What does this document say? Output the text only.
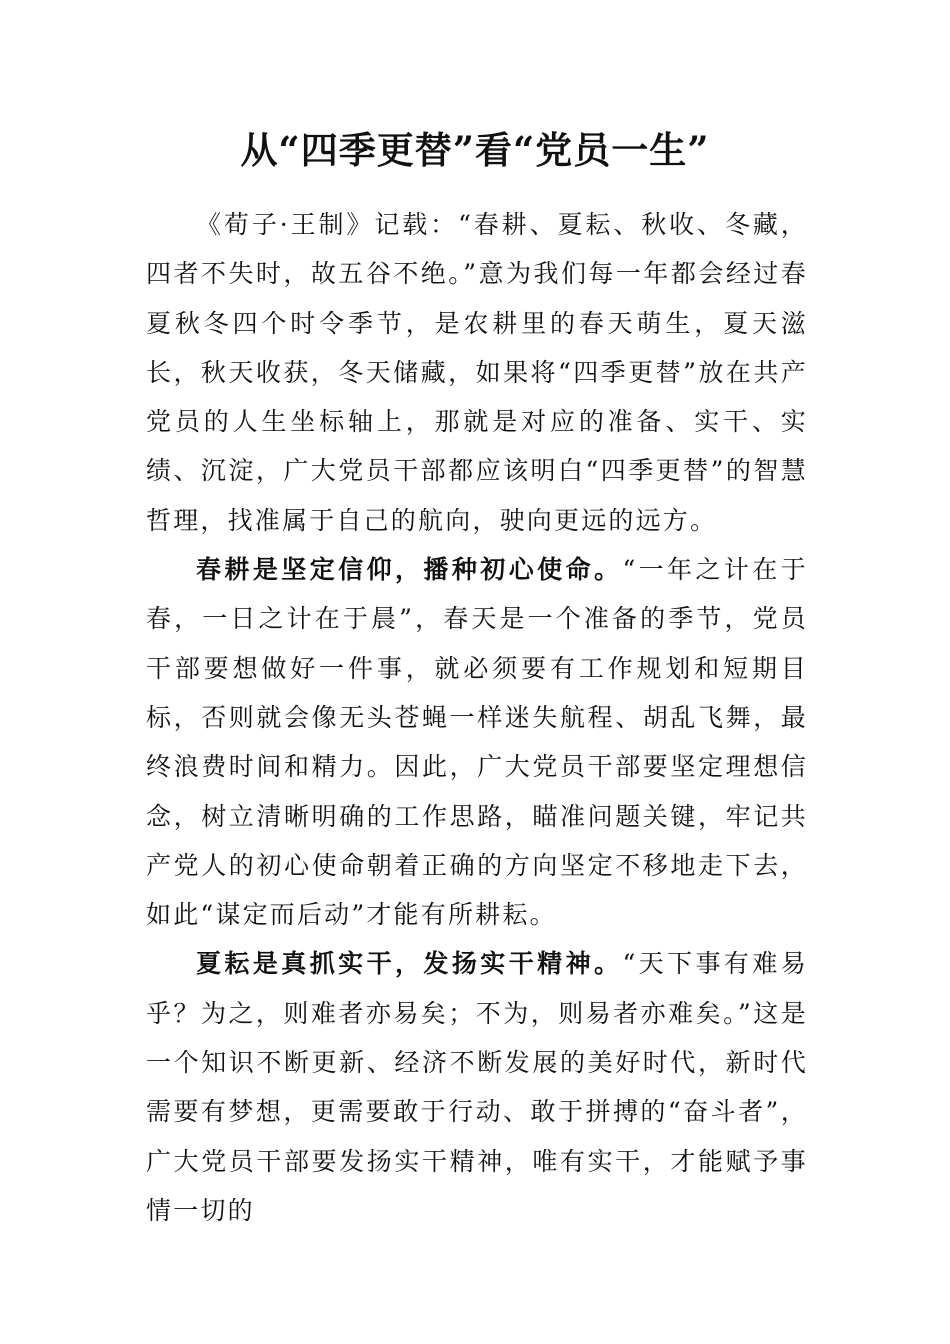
从“四季更替”看“党员一生”

《荀子·王制》记载：“春耕、夏耘、秋收、冬藏，四者不失时，故五谷不绝。”意为我们每一年都会经过春夏秋冬四个时令季节，是农耕里的春天萌生，夏天滋长，秋天收获，冬天储藏，如果将“四季更替”放在共产党员的人生坐标轴上，那就是对应的准备、实干、实绩、沉淀，广大党员干部都应该明白“四季更替”的智慧哲理，找准属于自己的航向，驶向更远的远方。

春耕是坚定信仰，播种初心使命。“一年之计在于春，一日之计在于晨”，春天是一个准备的季节，党员干部要想做好一件事，就必须要有工作规划和短期目标，否则就会像无头苍蝇一样迷失航程、胡乱飞舞，最终浪费时间和精力。因此，广大党员干部要坚定理想信念，树立清晰明确的工作思路，瞄准问题关键，牢记共产党人的初心使命朝着正确的方向坚定不移地走下去，如此“谋定而后动”才能有所耕耘。

夏耘是真抓实干，发扬实干精神。“天下事有难易乎？为之，则难者亦易矣；不为，则易者亦难矣。”这是一个知识不断更新、经济不断发展的美好时代，新时代需要有梦想，更需要敢于行动、敢于拼搏的“奋斗者”，广大党员干部要发扬实干精神，唯有实干，才能赋予事情一切的
